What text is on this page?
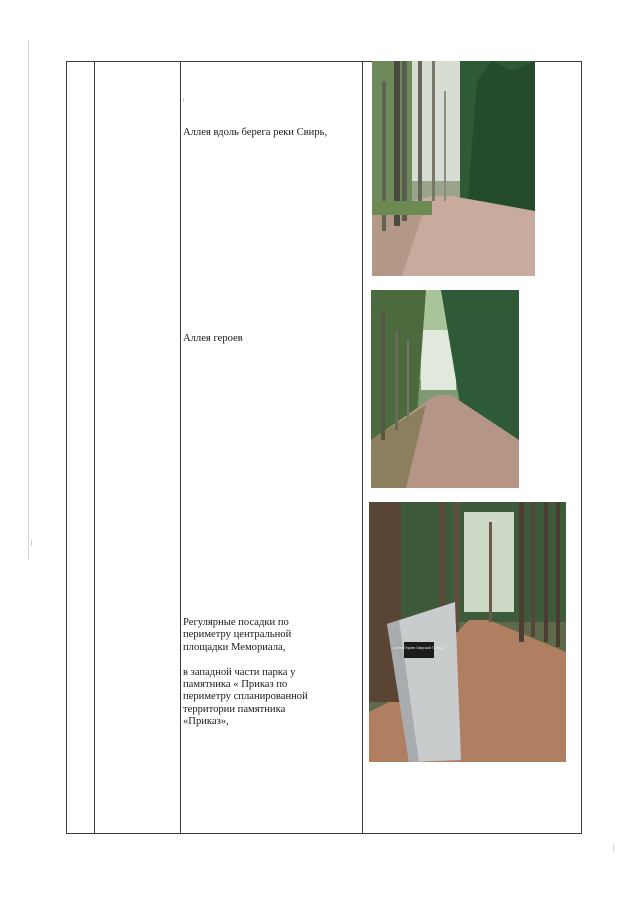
Аллея вдоль берега реки Свирь,
Аллея героев
Регулярные посадки по
периметру центральной
площадки Мемориала,

в западной части парка у
памятника « Приказ по
периметру спланированной
территории памятника
«Приказ»,
Аллея Героев Свирской Победы
